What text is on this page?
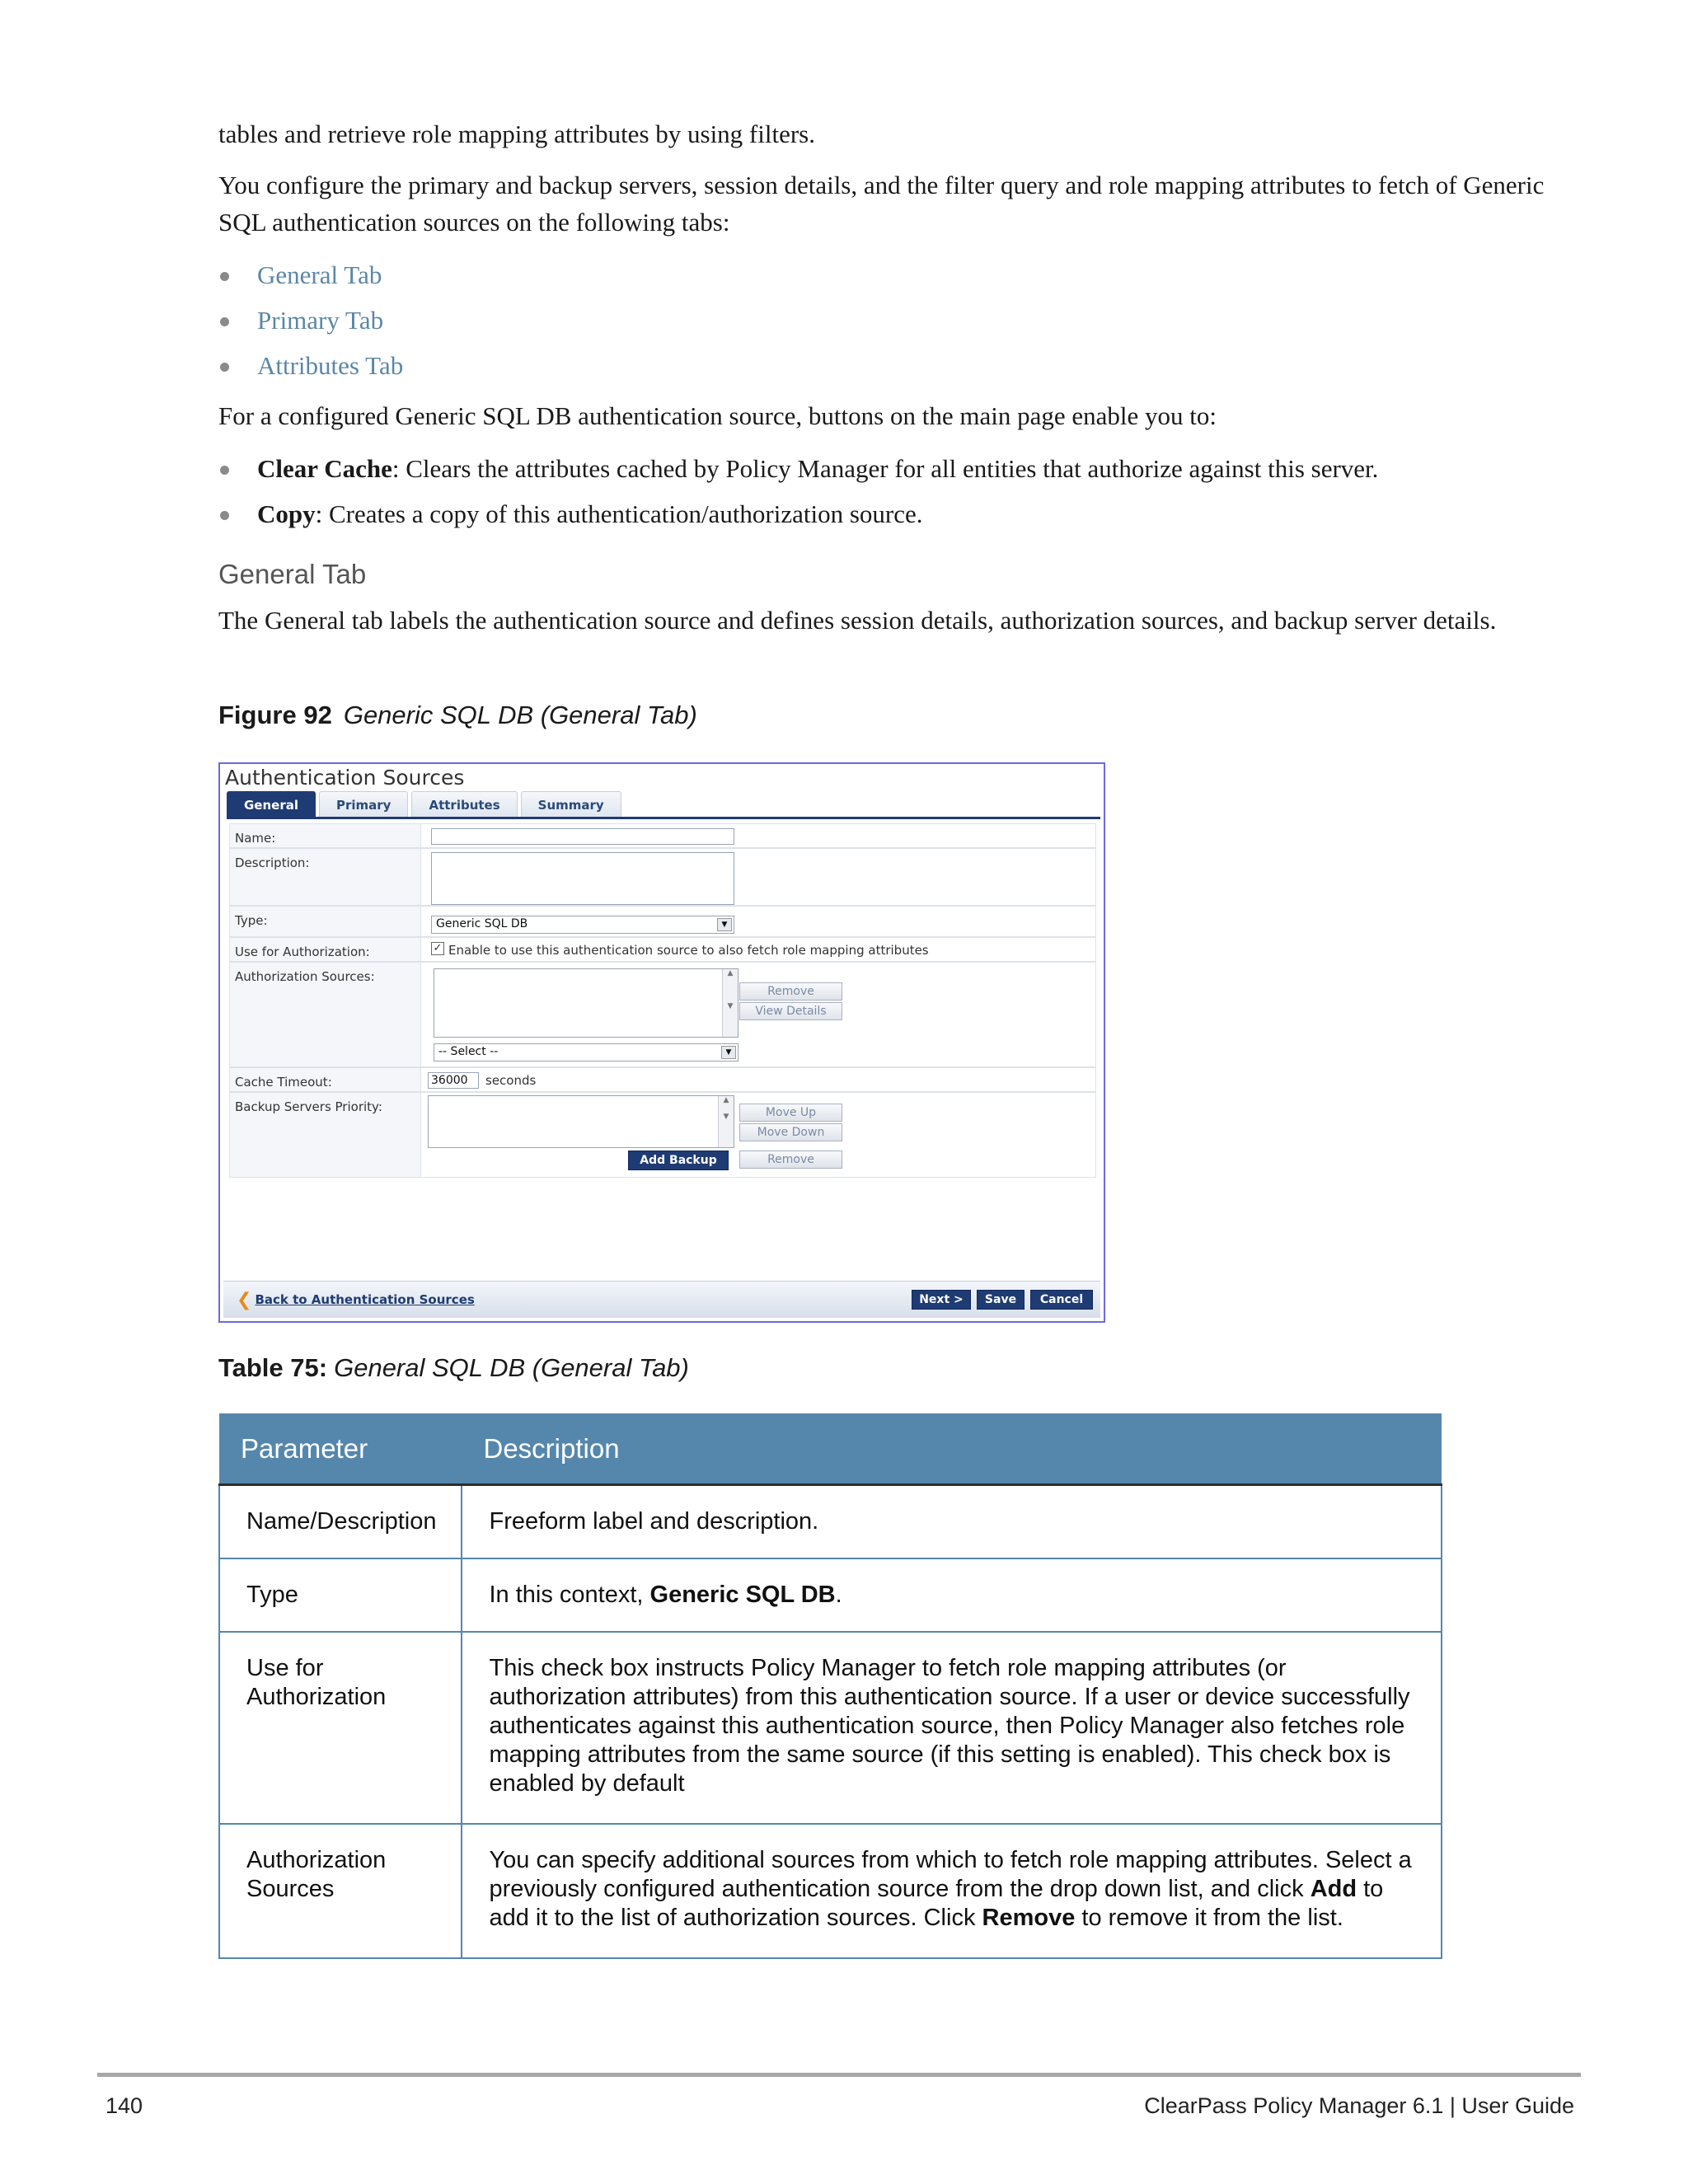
tables and retrieve role mapping attributes by using filters.
You configure the primary and backup servers, session details, and the filter query and role mapping attributes to fetch of Generic SQL authentication sources on the following tabs:
General Tab
Primary Tab
Attributes Tab
For a configured Generic SQL DB authentication source, buttons on the main page enable you to:
Clear Cache: Clears the attributes cached by Policy Manager for all entities that authorize against this server.
Copy: Creates a copy of this authentication/authorization source.
General Tab
The General tab labels the authentication source and defines session details, authorization sources, and backup server details.
Figure 92 Generic SQL DB (General Tab)
Authentication Sources
General	Primary	Attributes	Summary
Name:
Description:
Type:	Generic SQL DB	▼
Use for Authorization:	✓ Enable to use this authentication source to also fetch role mapping attributes
Authorization Sources:	▲

▼
Remove
View Details
-- Select --	▼
Cache Timeout:	36000	seconds
Backup Servers Priority:	▲

▼	Move Up
Move Down
Add Backup	Remove
❮ Back to Authentication Sources	Next >	Save	Cancel
Table 75: General SQL DB (General Tab)
Parameter	Description
Name/Description	Freeform label and description.
Type	In this context, Generic SQL DB.
Use for Authorization	This check box instructs Policy Manager to fetch role mapping attributes (or authorization attributes) from this authentication source. If a user or device successfully authenticates against this authentication source, then Policy Manager also fetches role mapping attributes from the same source (if this setting is enabled). This check box is enabled by default
Authorization Sources	You can specify additional sources from which to fetch role mapping attributes. Select a previously configured authentication source from the drop down list, and click Add to add it to the list of authorization sources. Click Remove to remove it from the list.
140	ClearPass Policy Manager 6.1 | User Guide
